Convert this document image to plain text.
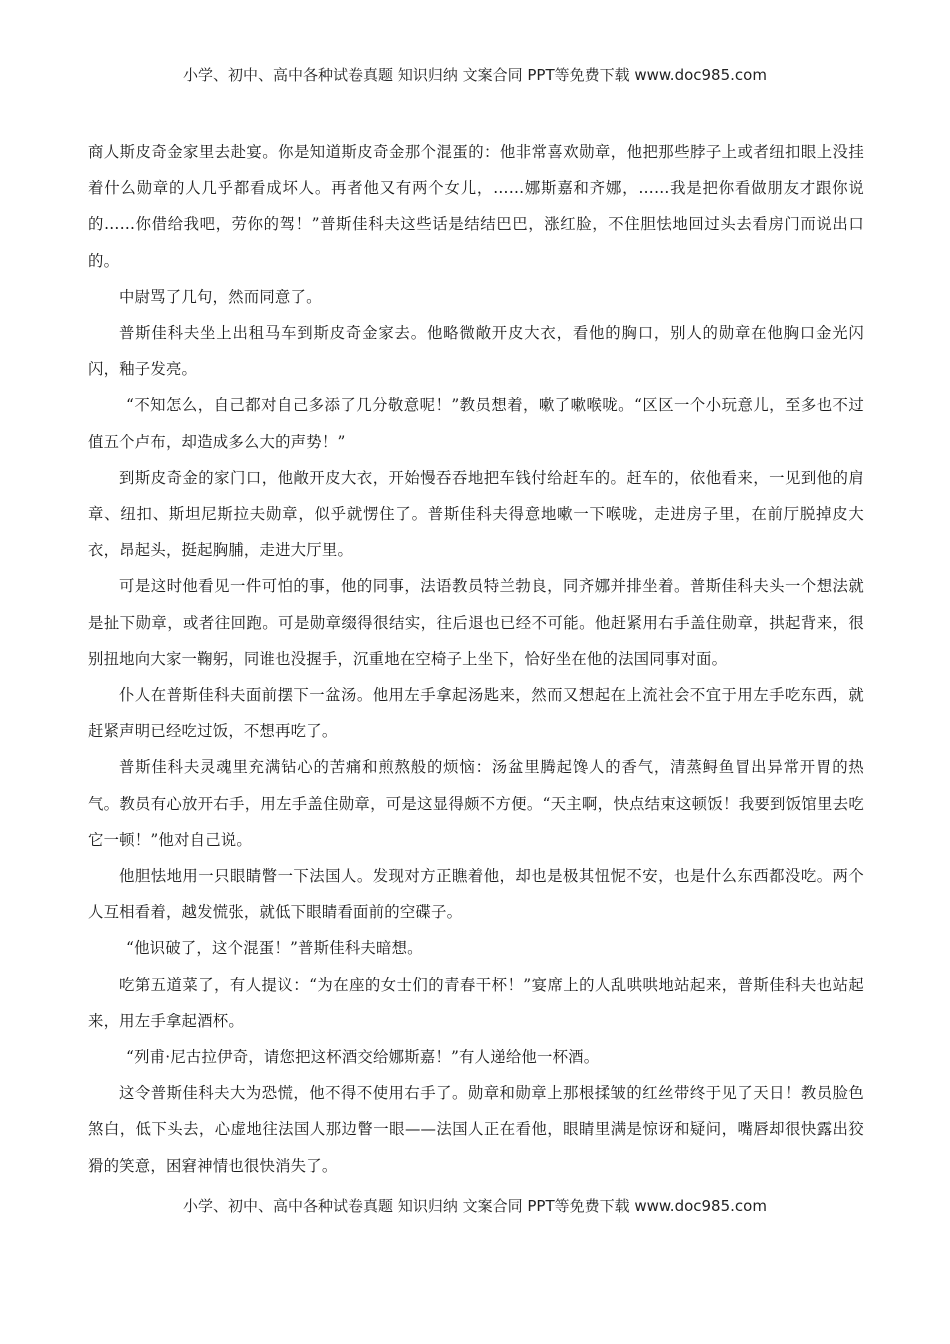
小学、初中、高中各种试卷真题 知识归纳 文案合同 PPT等免费下载 www.doc985.com

商人斯皮奇金家里去赴宴。你是知道斯皮奇金那个混蛋的：他非常喜欢勋章，他把那些脖子上或者纽扣眼上没挂着什么勋章的人几乎都看成坏人。再者他又有两个女儿，……娜斯嘉和齐娜，……我是把你看做朋友才跟你说的……你借给我吧，劳你的驾！”普斯佳科夫这些话是结结巴巴，涨红脸，不住胆怯地回过头去看房门而说出口的。

中尉骂了几句，然而同意了。

普斯佳科夫坐上出租马车到斯皮奇金家去。他略微敞开皮大衣，看他的胸口，别人的勋章在他胸口金光闪闪，釉子发亮。

“不知怎么，自己都对自己多添了几分敬意呢！”教员想着，嗽了嗽喉咙。“区区一个小玩意儿，至多也不过值五个卢布，却造成多么大的声势！”

到斯皮奇金的家门口，他敞开皮大衣，开始慢吞吞地把车钱付给赶车的。赶车的，依他看来，一见到他的肩章、纽扣、斯坦尼斯拉夫勋章，似乎就愣住了。普斯佳科夫得意地嗽一下喉咙，走进房子里，在前厅脱掉皮大衣，昂起头，挺起胸脯，走进大厅里。

可是这时他看见一件可怕的事，他的同事，法语教员特兰勃良，同齐娜并排坐着。普斯佳科夫头一个想法就是扯下勋章，或者往回跑。可是勋章缀得很结实，往后退也已经不可能。他赶紧用右手盖住勋章，拱起背来，很别扭地向大家一鞠躬，同谁也没握手，沉重地在空椅子上坐下，恰好坐在他的法国同事对面。

仆人在普斯佳科夫面前摆下一盆汤。他用左手拿起汤匙来，然而又想起在上流社会不宜于用左手吃东西，就赶紧声明已经吃过饭，不想再吃了。

普斯佳科夫灵魂里充满钻心的苦痛和煎熬般的烦恼：汤盆里腾起馋人的香气，清蒸鲟鱼冒出异常开胃的热气。教员有心放开右手，用左手盖住勋章，可是这显得颇不方便。“天主啊，快点结束这顿饭！我要到饭馆里去吃它一顿！”他对自己说。

他胆怯地用一只眼睛瞥一下法国人。发现对方正瞧着他，却也是极其忸怩不安，也是什么东西都没吃。两个人互相看着，越发慌张，就低下眼睛看面前的空碟子。

“他识破了，这个混蛋！”普斯佳科夫暗想。

吃第五道菜了，有人提议：“为在座的女士们的青春干杯！”宴席上的人乱哄哄地站起来，普斯佳科夫也站起来，用左手拿起酒杯。

“列甫·尼古拉伊奇，请您把这杯酒交给娜斯嘉！”有人递给他一杯酒。

这令普斯佳科夫大为恐慌，他不得不使用右手了。勋章和勋章上那根揉皱的红丝带终于见了天日！教员脸色煞白，低下头去，心虚地往法国人那边瞥一眼——法国人正在看他，眼睛里满是惊讶和疑问，嘴唇却很快露出狡猾的笑意，困窘神情也很快消失了。

小学、初中、高中各种试卷真题 知识归纳 文案合同 PPT等免费下载 www.doc985.com
